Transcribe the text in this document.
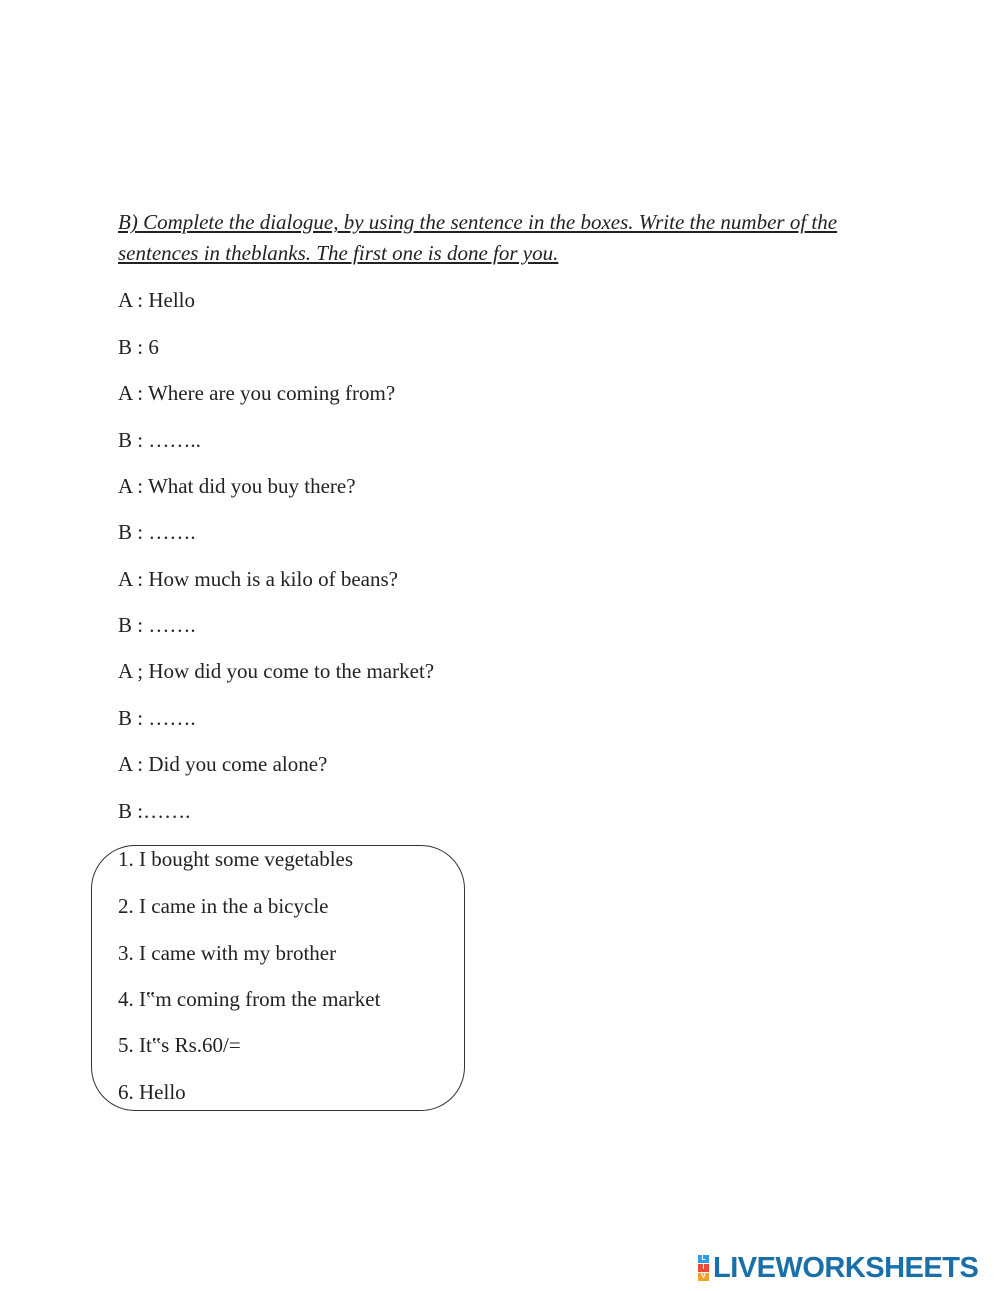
B) Complete the dialogue, by using the sentence in the boxes. Write the number of the sentences in theblanks. The first one is done for you.
A : Hello
B : 6
A : Where are you coming from?
B : ……..
A : What did you buy there?
B : …….
A : How much is a kilo of beans?
B : …….
A ; How did you come to the market?
B : …….
A : Did you come alone?
B :…….
1. I bought some vegetables
2. I came in the a bicycle
3. I came with my brother
4. I‟m coming from the market
5. It‟s Rs.60/=
6. Hello
L
I
V LIVEWORKSHEETS
